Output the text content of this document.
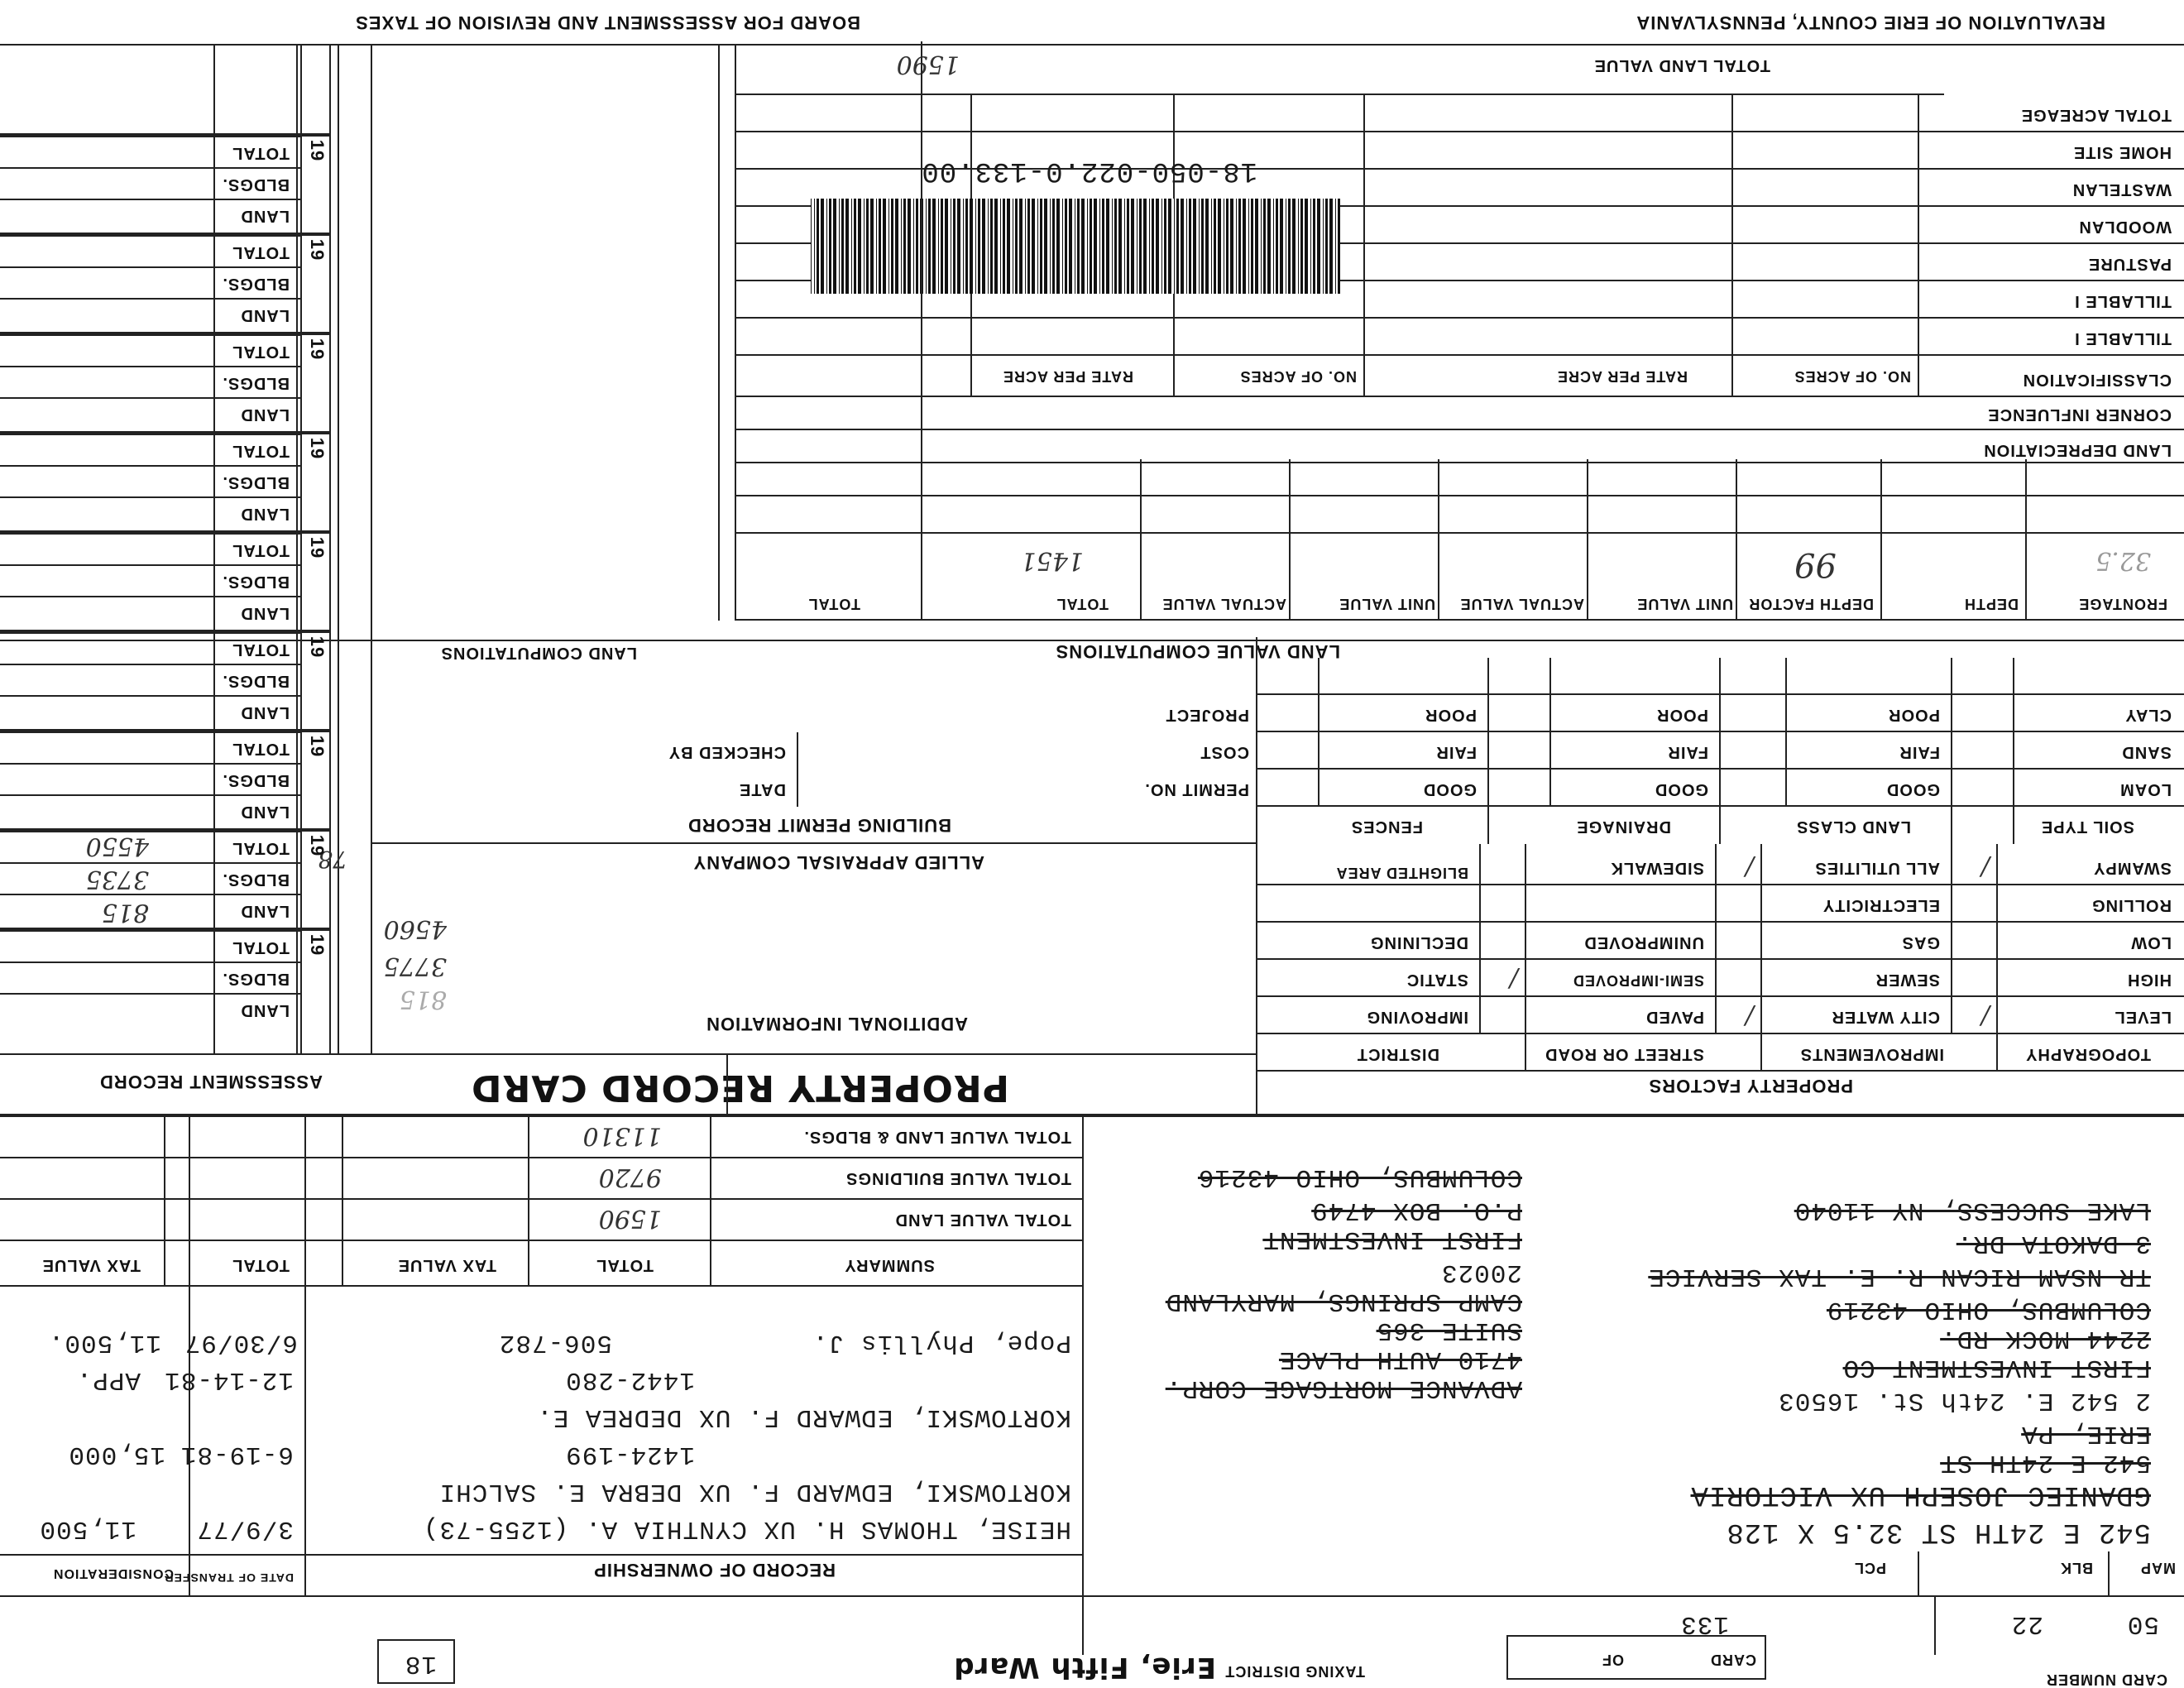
REVALUATION OF ERIE COUNTY, PENNSYLVANIA
BOARD FOR ASSESSMENT AND REVISION OF TAXES
TOTAL LAND VALUE
1590
TOTAL ACREAGE
HOME SITE
WASTELAN
WOODLAN
PASTURE
TILLABLE I
TILLABLE I
CLASSIFICATION
CORNER INFLUENCE
LAND DEPRECIATION
NO. OF ACRES
RATE PER ACRE
NO. OF ACRES
RATE PER ACRE
18-050-022.0-133.00
LAND VALUE COMPUTATIONS
FRONTAGE
DEPTH
DEPTH FACTOR
UNIT VALUE
ACTUAL VALUE
UNIT VALUE
ACTUAL VALUE
TOTAL
TOTAL
32.5
99
1451
SOIL TYPE
LAND CLASS
DRAINAGE
FENCES
LOAM
SAND
CLAY
GOOD
FAIR
POOR
GOOD
FAIR
POOR
GOOD
FAIR
POOR
BUILDING PERMIT RECORD
PERMIT NO.
DATE
COST
CHECKED BY
PROJECT
LAND COMPUTATIONS
PROPERTY FACTORS
TOPOGRAPHY
IMPROVEMENTS
STREET OR ROAD
DISTRICT
LEVEL
HIGH
LOW
ROLLING
SWAMPY
CITY WATER
SEWER
GAS
ELECTRICITY
ALL UTILITIES
PAVED
SEMI-IMPROVED
UNIMPROVED
SIDEWALK
IMPROVING
STATIC
DECLINING
BLIGHTED AREA
/
/
/
/
/
PROPERTY RECORD CARD
ADDITIONAL INFORMATION
ALLIED APPRAISAL COMPANY
4560
3775
815
ASSESSMENT RECORD
78
815
3735
4550
RECORD OF OWNERSHIP
DATE OF TRANSFER
CONSIDERATION
HEISE, THOMAS H. UX CYNTHIA A. (1255-73)
3/9/77
11,500
KORTOWSKI, EDWARD F. UX DEBRA E. SALCHI
1424-199
6-19-81
15,000
KORTOWSKI, EDWARD F. UX DEDREA E.
1442-280
12-14-81
APP.
Pope, Phyllis J.
506-782
6/30/97
11,500.
SUMMARY
TOTAL
TAX VALUE
TOTAL
TAX VALUE
TOTAL VALUE LAND
TOTAL VALUE BUILDINGS
TOTAL VALUE LAND & BLDGS.
1590
9720
11310
542 E 24TH ST 32.5 X 128
GDANIEC JOSEPH UX VICTORIA
542 E 24TH ST
ERIE, PA
2 542 E. 24th St. 16503
FIRST INVESTMENT CO
2244 MOCK RD.
COLUMBUS, OHIO 43219
TR-NSAM RICAN R. E. TAX SERVICE
3 DAKOTA DR.
LAKE SUCCESS, NY 11040
ADVANCE MORTGAGE CORP.
4710 AUTH PLACE
SUITE 365
CAMP SPRINGS, MARYLAND
20023
FIRST INVESTMENT
P.O. BOX 4749
COLUMBUS, OHIO 43216
MAP
50
BLK
22
PCL
133
CARD NUMBER
CARD
OF
TAXING DISTRICT
Erie, Fifth Ward
18
LAND
BLDGS.
TOTAL 19
LAND
BLDGS.
TOTAL 19
LAND
BLDGS.
TOTAL 19
LAND
BLDGS.
TOTAL 19
LAND
BLDGS.
TOTAL 19
LAND
BLDGS.
TOTAL 19
LAND
BLDGS.
TOTAL 19
LAND
BLDGS.
TOTAL 19
LAND
BLDGS.
TOTAL 19
